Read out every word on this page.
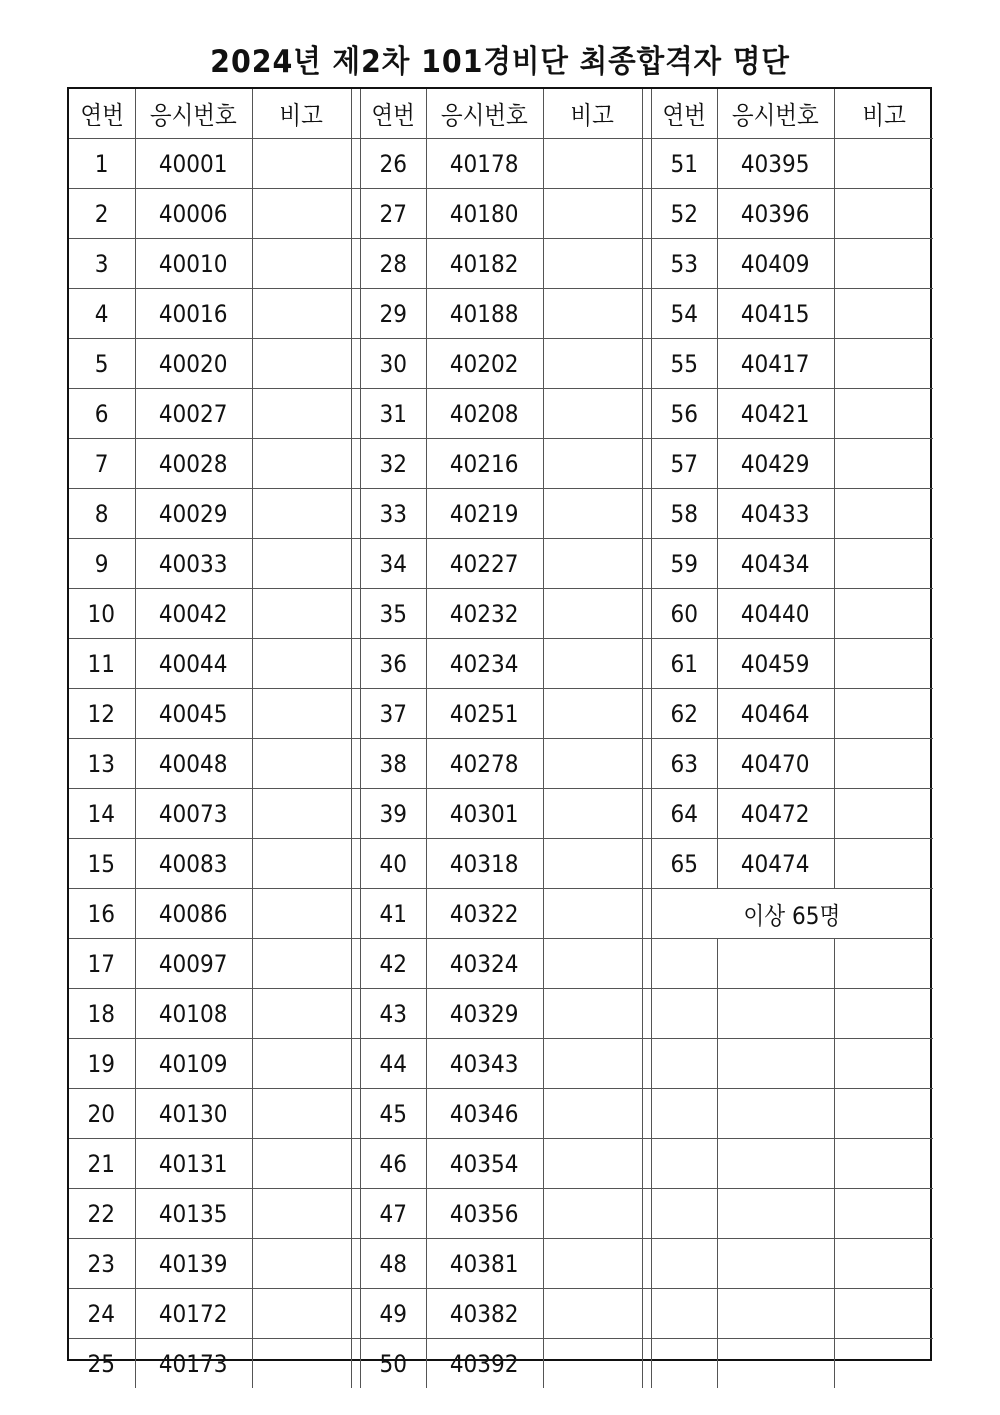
2024년 제2차 101경비단 최종합격자 명단
연번	응시번호	비고		연번	응시번호	비고		연번	응시번호	비고
1	40001			26	40178			51	40395	
2	40006			27	40180			52	40396	
3	40010			28	40182			53	40409	
4	40016			29	40188			54	40415	
5	40020			30	40202			55	40417	
6	40027			31	40208			56	40421	
7	40028			32	40216			57	40429	
8	40029			33	40219			58	40433	
9	40033			34	40227			59	40434	
10	40042			35	40232			60	40440	
11	40044			36	40234			61	40459	
12	40045			37	40251			62	40464	
13	40048			38	40278			63	40470	
14	40073			39	40301			64	40472	
15	40083			40	40318			65	40474	
16	40086			41	40322			이상 65명		
17	40097			42	40324					
18	40108			43	40329					
19	40109			44	40343					
20	40130			45	40346					
21	40131			46	40354					
22	40135			47	40356					
23	40139			48	40381					
24	40172			49	40382					
25	40173			50	40392					
